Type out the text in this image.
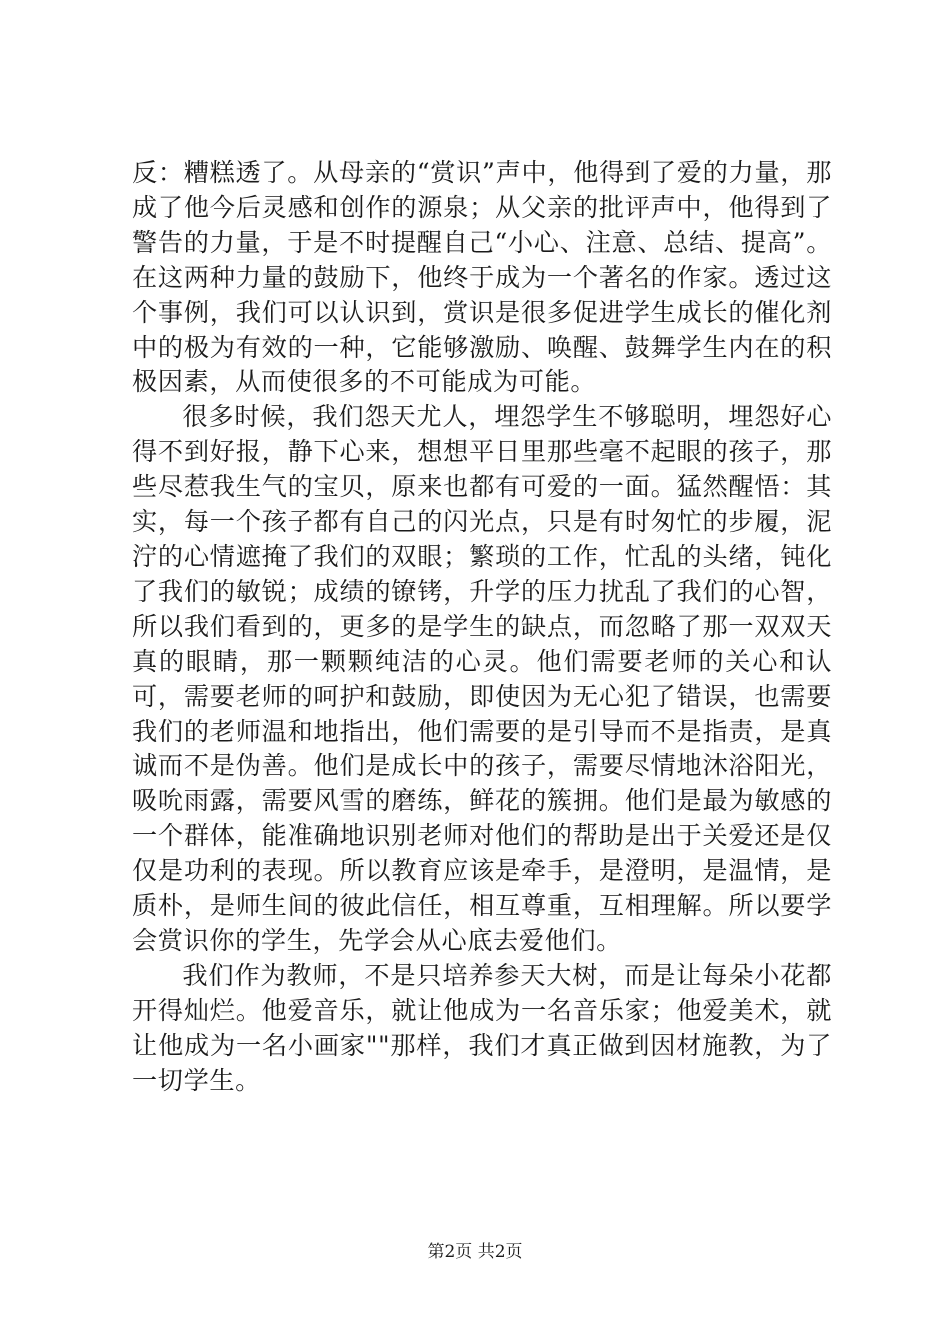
反：糟糕透了。从母亲的“赏识”声中，他得到了爱的力量，那成了他今后灵感和创作的源泉；从父亲的批评声中，他得到了警告的力量，于是不时提醒自己“小心、注意、总结、提高”。在这两种力量的鼓励下，他终于成为一个著名的作家。透过这个事例，我们可以认识到，赏识是很多促进学生成长的催化剂中的极为有效的一种，它能够激励、唤醒、鼓舞学生内在的积极因素，从而使很多的不可能成为可能。

很多时候，我们怨天尤人，埋怨学生不够聪明，埋怨好心得不到好报，静下心来，想想平日里那些毫不起眼的孩子，那些尽惹我生气的宝贝，原来也都有可爱的一面。猛然醒悟：其实，每一个孩子都有自己的闪光点，只是有时匆忙的步履，泥泞的心情遮掩了我们的双眼；繁琐的工作，忙乱的头绪，钝化了我们的敏锐；成绩的镣铐，升学的压力扰乱了我们的心智，所以我们看到的，更多的是学生的缺点，而忽略了那一双双天真的眼睛，那一颗颗纯洁的心灵。他们需要老师的关心和认可，需要老师的呵护和鼓励，即使因为无心犯了错误，也需要我们的老师温和地指出，他们需要的是引导而不是指责，是真诚而不是伪善。他们是成长中的孩子，需要尽情地沐浴阳光，吸吮雨露，需要风雪的磨练，鲜花的簇拥。他们是最为敏感的一个群体，能准确地识别老师对他们的帮助是出于关爱还是仅仅是功利的表现。所以教育应该是牵手，是澄明，是温情，是质朴，是师生间的彼此信任，相互尊重，互相理解。所以要学会赏识你的学生，先学会从心底去爱他们。

我们作为教师，不是只培养参天大树，而是让每朵小花都开得灿烂。他爱音乐，就让他成为一名音乐家；他爱美术，就让他成为一名小画家""那样，我们才真正做到因材施教，为了一切学生。

第2页 共2页
